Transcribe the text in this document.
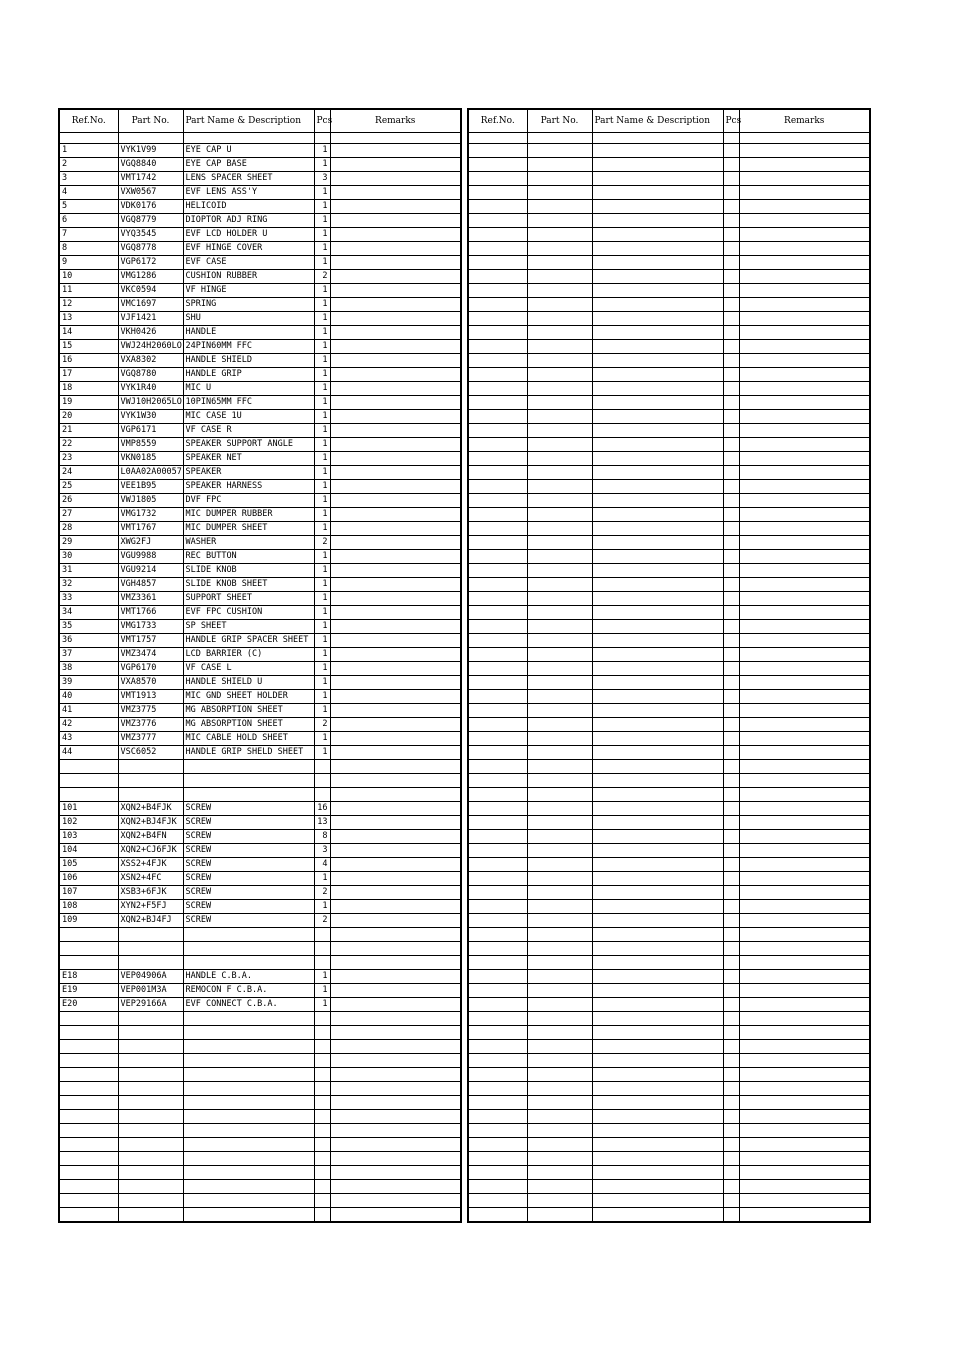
Ref.No.	Part No.	Part Name & Description	Pcs	Remarks

1	VYK1V99	EYE CAP U	1	
2	VGQ8840	EYE CAP BASE	1	
3	VMT1742	LENS SPACER SHEET	3	
4	VXW0567	EVF LENS ASS'Y	1	
5	VDK0176	HELICOID	1	
6	VGQ8779	DIOPTOR ADJ RING	1	
7	VYQ3545	EVF LCD HOLDER U	1	
8	VGQ8778	EVF HINGE COVER	1	
9	VGP6172	EVF CASE	1	
10	VMG1286	CUSHION RUBBER	2	
11	VKC0594	VF HINGE	1	
12	VMC1697	SPRING	1	
13	VJF1421	SHU	1	
14	VKH0426	HANDLE	1	
15	VWJ24H2060LO	24PIN60MM FFC	1	
16	VXA8302	HANDLE SHIELD	1	
17	VGQ8780	HANDLE GRIP	1	
18	VYK1R40	MIC U	1	
19	VWJ10H2065LO	10PIN65MM FFC	1	
20	VYK1W30	MIC CASE 1U	1	
21	VGP6171	VF CASE R	1	
22	VMP8559	SPEAKER SUPPORT ANGLE	1	
23	VKN0185	SPEAKER NET	1	
24	L0AA02A00057	SPEAKER	1	
25	VEE1B95	SPEAKER HARNESS	1	
26	VWJ1805	DVF FPC	1	
27	VMG1732	MIC DUMPER RUBBER	1	
28	VMT1767	MIC DUMPER SHEET	1	
29	XWG2FJ	WASHER	2	
30	VGU9988	REC BUTTON	1	
31	VGU9214	SLIDE KNOB	1	
32	VGH4857	SLIDE KNOB SHEET	1	
33	VMZ3361	SUPPORT SHEET	1	
34	VMT1766	EVF FPC CUSHION	1	
35	VMG1733	SP SHEET	1	
36	VMT1757	HANDLE GRIP SPACER SHEET	1	
37	VMZ3474	LCD BARRIER (C)	1	
38	VGP6170	VF CASE L	1	
39	VXA8570	HANDLE SHIELD U	1	
40	VMT1913	MIC GND SHEET HOLDER	1	
41	VMZ3775	MG ABSORPTION SHEET	1	
42	VMZ3776	MG ABSORPTION SHEET	2	
43	VMZ3777	MIC CABLE HOLD SHEET	1	
44	VSC6052	HANDLE GRIP SHELD SHEET	1	

101	XQN2+B4FJK	SCREW	16	
102	XQN2+BJ4FJK	SCREW	13	
103	XQN2+B4FN	SCREW	8	
104	XQN2+CJ6FJK	SCREW	3	
105	XSS2+4FJK	SCREW	4	
106	XSN2+4FC	SCREW	1	
107	XSB3+6FJK	SCREW	2	
108	XYN2+F5FJ	SCREW	1	
109	XQN2+BJ4FJ	SCREW	2	

E18	VEP04906A	HANDLE C.B.A.	1	
E19	VEP001M3A	REMOCON F C.B.A.	1	
E20	VEP29166A	EVF CONNECT C.B.A.	1	

Ref.No.	Part No.	Part Name & Description	Pcs	Remarks
